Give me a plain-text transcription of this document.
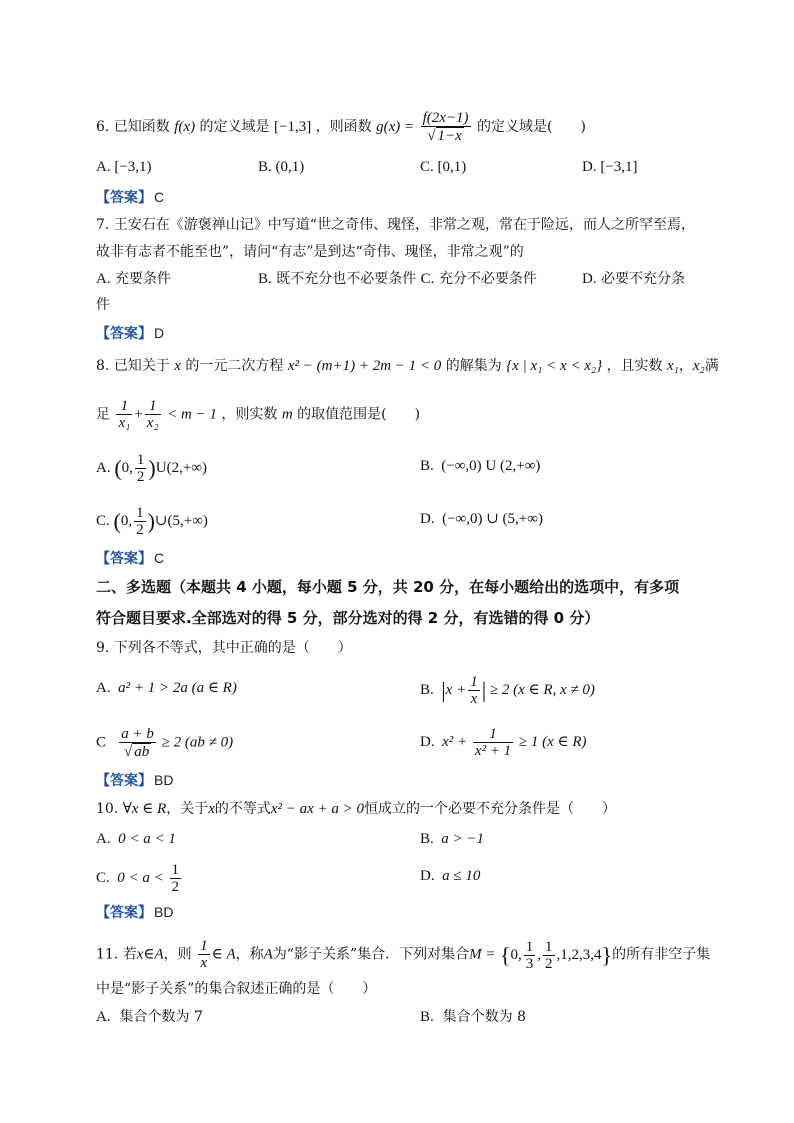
6. 已知函数 f(x) 的定义域是 [−1,3] ，则函数 $g(x) = \frac{f(2x-1)}{√ 1-x}$ 的定义域是(　　)
A. [−3,1)	B. (0,1)	C. [0,1)	D. [−3,1]
【答案】 C
7. 王安石在《游褒禅山记》中写道“世之奇伟、瑰怪，非常之观，常在于险远，而人之所罕至焉，
故非有志者不能至也”，请问“有志”是到达“奇伟、瑰怪，非常之观”的
A. 充要条件	B. 既不充分也不必要条件 C. 充分不必要条件	D. 必要不充分条
件
【答案】 D
8. 已知关于 x 的一元二次方程 x² − (m+1) + 2m − 1 < 0 的解集为 {x | x₁ < x < x₂} ，且实数 x₁，x₂满
足 $\frac{1}{\text{x₁}} + \frac{1}{\text{x₂}} < m - 1$ ，则实数 m 的取值范围是(　　)
A. (0, $\frac{1}{2} )U(2,+\infty)$	B. (−∞,0) U (2,+∞)
C. (0, $\frac{1}{2}$ )∪(5,+∞)	D. (−∞,0) ∪ (5,+∞)
【答案】 C
二、多选题（本题共 4 小题，每小题 5 分，共 20 分，在每小题给出的选项中，有多项
符合题目要求.全部选对的得 5 分，部分选对的得 2 分，有选错的得 0 分）
9. 下列各不等式，其中正确的是（　　）
A. a² + 1 > 2a (a ∈ R)	B. $|x + \frac{1}{x}$ | ≥ 2 (x ∈ R, x ≠ 0)
C $\frac{a + b}{√ ab} \ge 2$ (ab ≠ 0)	D. $x^2 + \frac{1}{\text{x² + 1}} \ge 1$ (x ∈ R)
【答案】 BD
10. ∀x ∈ R，关于x的不等式x² − ax + a > 0恒成立的一个必要不充分条件是（　　）
A. 0 < a < 1	B. a > −1
C. $0 < a < \frac{1}{2}$	D. a ≤ 10
【答案】 BD
11. 若x∈A，则 $\frac{1}{x}$ ∈ A，称A为“影子关系”集合．下列对集合M = {0, $\frac{1}{3}$ , $\frac{1}{2} ,1,2,3,4$}的所有非空子集
中是“影子关系”的集合叙述正确的是（　　）
A. 集合个数为 7	B. 集合个数为 8
